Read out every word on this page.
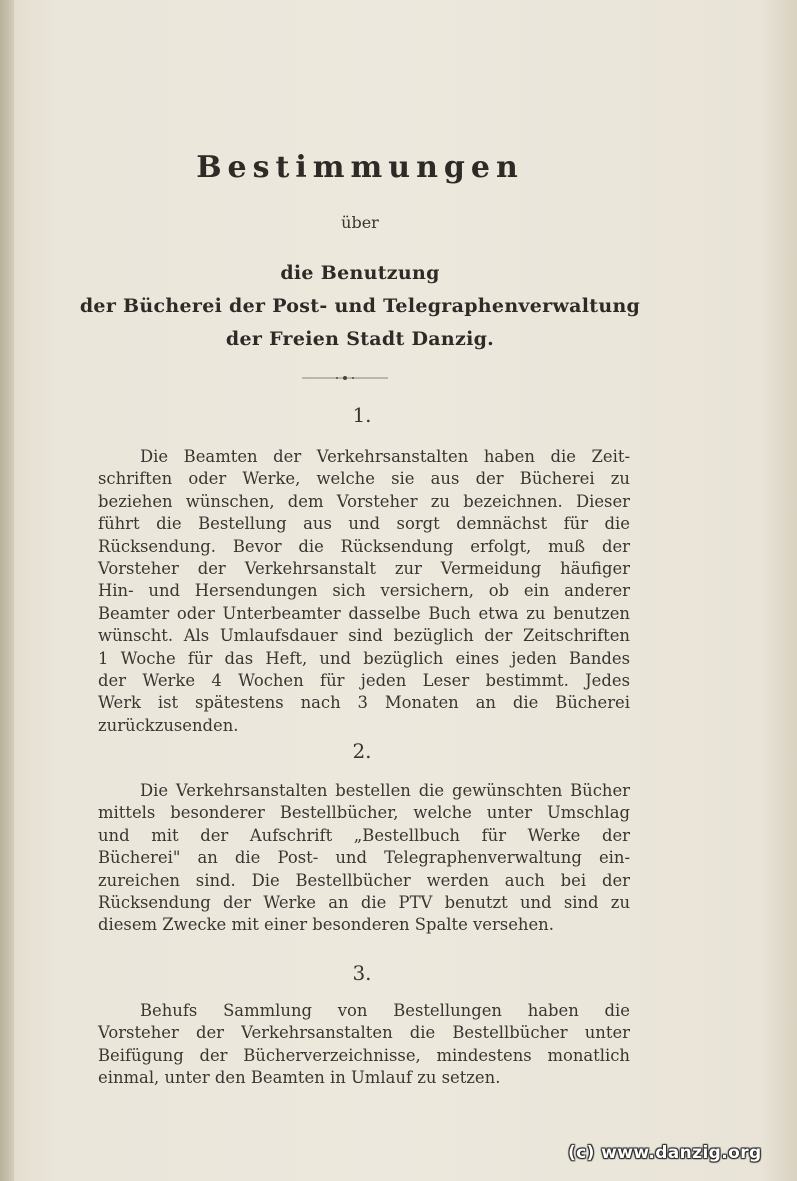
Bestimmungen
über
die Benutzung
der Bücherei der Post- und Telegraphenverwaltung
der Freien Stadt Danzig.
1.
Die Beamten der Verkehrsanstalten haben die Zeit-
schriften oder Werke, welche sie aus der Bücherei zu
beziehen wünschen, dem Vorsteher zu bezeichnen. Dieser
führt die Bestellung aus und sorgt demnächst für die
Rücksendung. Bevor die Rücksendung erfolgt, muß der
Vorsteher der Verkehrsanstalt zur Vermeidung häufiger
Hin- und Hersendungen sich versichern, ob ein anderer
Beamter oder Unterbeamter dasselbe Buch etwa zu benutzen
wünscht. Als Umlaufsdauer sind bezüglich der Zeitschriften
1 Woche für das Heft, und bezüglich eines jeden Bandes
der Werke 4 Wochen für jeden Leser bestimmt. Jedes
Werk ist spätestens nach 3 Monaten an die Bücherei
zurückzusenden.
2.
Die Verkehrsanstalten bestellen die gewünschten Bücher
mittels besonderer Bestellbücher, welche unter Umschlag
und mit der Aufschrift „Bestellbuch für Werke der
Bücherei" an die Post- und Telegraphenverwaltung ein-
zureichen sind. Die Bestellbücher werden auch bei der
Rücksendung der Werke an die PTV benutzt und sind zu
diesem Zwecke mit einer besonderen Spalte versehen.
3.
Behufs Sammlung von Bestellungen haben die
Vorsteher der Verkehrsanstalten die Bestellbücher unter
Beifügung der Bücherverzeichnisse, mindestens monatlich
einmal, unter den Beamten in Umlauf zu setzen.
(c) www.danzig.org
